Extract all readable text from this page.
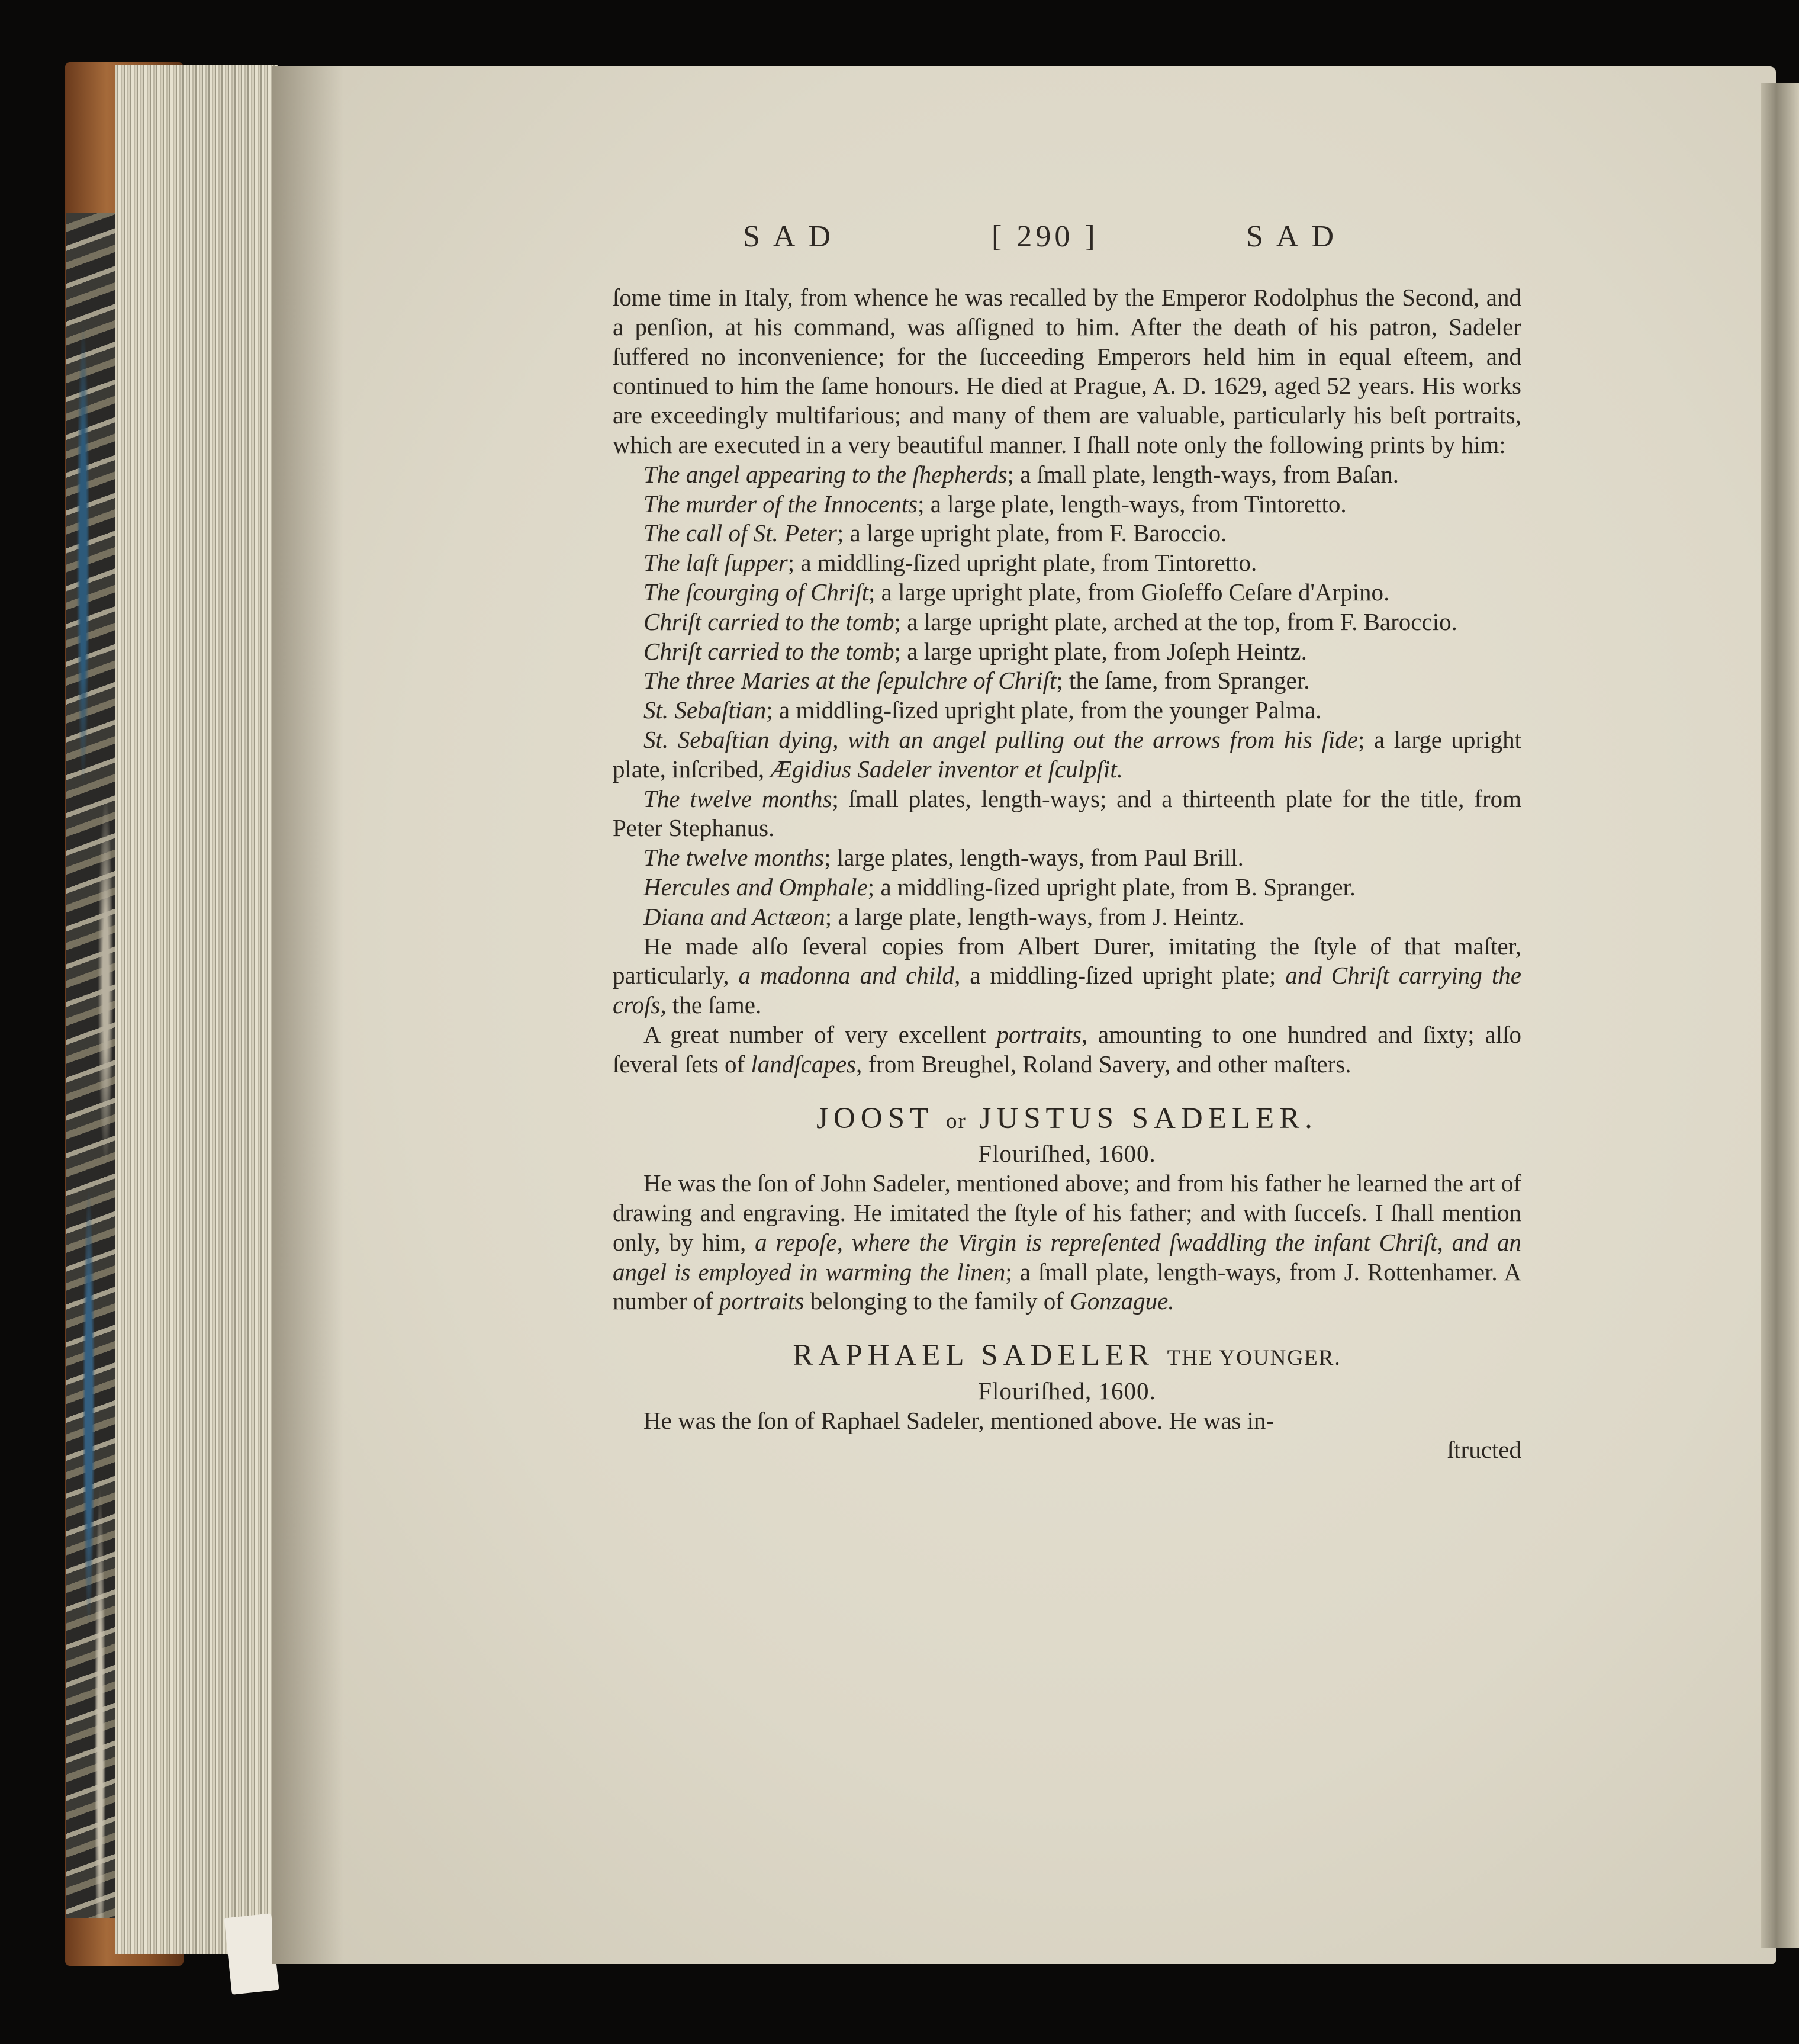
SAD	[ 290 ]	SAD

ſome time in Italy, from whence he was recalled by the Emperor Rodolphus the Second, and a penſion, at his command, was aſſigned to him. After the death of his patron, Sadeler ſuffered no inconvenience; for the ſucceeding Emperors held him in equal eſteem, and continued to him the ſame honours. He died at Prague, A. D. 1629, aged 52 years. His works are exceedingly multifarious; and many of them are valuable, particularly his beſt portraits, which are executed in a very beautiful manner. I ſhall note only the following prints by him:

The angel appearing to the ſhepherds; a ſmall plate, length-ways, from Baſan.

The murder of the Innocents; a large plate, length-ways, from Tintoretto.

The call of St. Peter; a large upright plate, from F. Baroccio.

The laſt ſupper; a middling-ſized upright plate, from Tintoretto.

The ſcourging of Chriſt; a large upright plate, from Gioſeffo Ceſare d'Arpino.

Chriſt carried to the tomb; a large upright plate, arched at the top, from F. Baroccio.

Chriſt carried to the tomb; a large upright plate, from Joſeph Heintz.

The three Maries at the ſepulchre of Chriſt; the ſame, from Spranger.

St. Sebaſtian; a middling-ſized upright plate, from the younger Palma.

St. Sebaſtian dying, with an angel pulling out the arrows from his ſide; a large upright plate, inſcribed, Ægidius Sadeler inventor et ſculpſit.

The twelve months; ſmall plates, length-ways; and a thirteenth plate for the title, from Peter Stephanus.

The twelve months; large plates, length-ways, from Paul Brill.

Hercules and Omphale; a middling-ſized upright plate, from B. Spranger.

Diana and Actæon; a large plate, length-ways, from J. Heintz.

He made alſo ſeveral copies from Albert Durer, imitating the ſtyle of that maſter, particularly, a madonna and child, a middling-ſized upright plate; and Chriſt carrying the croſs, the ſame.

A great number of very excellent portraits, amounting to one hundred and ſixty; alſo ſeveral ſets of landſcapes, from Breughel, Roland Savery, and other maſters.

JOOST or JUSTUS SADELER.

Flouriſhed, 1600.

He was the ſon of John Sadeler, mentioned above; and from his father he learned the art of drawing and engraving. He imitated the ſtyle of his father; and with ſucceſs. I ſhall mention only, by him, a repoſe, where the Virgin is repreſented ſwaddling the infant Chriſt, and an angel is employed in warming the linen; a ſmall plate, length-ways, from J. Rottenhamer. A number of portraits belonging to the family of Gonzague.

RAPHAEL SADELER THE YOUNGER.

Flouriſhed, 1600.

He was the ſon of Raphael Sadeler, mentioned above. He was in-

ſtructed
